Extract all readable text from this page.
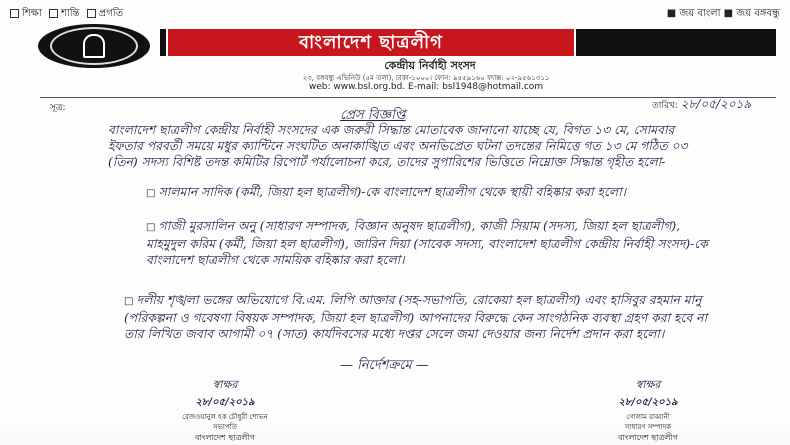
শিক্ষা শান্তি প্রগতি	■ জয় বাংলা ■ জয় বঙ্গবন্ধু
বাংলাদেশ ছাত্রলীগ
কেন্দ্রীয় নির্বাহী সংসদ
২৩, বঙ্গবন্ধু এভিনিউ (৫ম তলা), ঢাকা-১০০০। ফোন: ৯৫৫৯১৬০ ফ্যাক্স: ০২-৯৫৬১৩১১
web: www.bsl.org.bd. E-mail: bsl1948@hotmail.com
সূত্র:	তারিখ: ২৮/০৫/২০১৯
প্রেস বিজ্ঞপ্তি
বাংলাদেশ ছাত্রলীগ কেন্দ্রীয় নির্বাহী সংসদের এক জরুরী সিদ্ধান্ত মোতাবেক জানানো যাচ্ছে যে, বিগত ১৩ মে, সোমবার ইফতার পরবর্তী সময়ে মধুর ক্যান্টিনে সংঘটিত অনাকাঙ্খিত এবং অনভিপ্রেত ঘটনা তদন্তের নিমিত্তে গত ১৩ মে গঠিত ০৩ (তিন) সদস্য বিশিষ্ট তদন্ত কমিটির রিপোর্ট পর্যালোচনা করে, তাদের সুপারিশের ভিত্তিতে নিম্নোক্ত সিদ্ধান্ত গৃহীত হলো-
□ সালমান সাদিক (কর্মী, জিয়া হল ছাত্রলীগ)-কে বাংলাদেশ ছাত্রলীগ থেকে স্থায়ী বহিষ্কার করা হলো।
□ গাজী মুরসালিন অনু (সাধারণ সম্পাদক, বিজ্ঞান অনুষদ ছাত্রলীগ), কাজী সিয়াম (সদস্য, জিয়া হল ছাত্রলীগ), মাহমুদুল করিম (কর্মী, জিয়া হল ছাত্রলীগ), জারিন দিয়া (সাবেক সদস্য, বাংলাদেশ ছাত্রলীগ কেন্দ্রীয় নির্বাহী সংসদ)-কে বাংলাদেশ ছাত্রলীগ থেকে সাময়িক বহিষ্কার করা হলো।
□ দলীয় শৃঙ্খলা ভঙ্গের অভিযোগে বি.এম. লিপি আক্তার (সহ-সভাপতি, রোকেয়া হল ছাত্রলীগ) এবং হাসিবুর রহমান মানু (পরিকল্পনা ও গবেষণা বিষয়ক সম্পাদক, জিয়া হল ছাত্রলীগ) আপনাদের বিরুদ্ধে কেন সাংগঠনিক ব্যবস্থা গ্রহণ করা হবে না তার লিখিত জবাব আগামী ০৭ (সাত) কার্যদিবসের মধ্যে দপ্তর সেলে জমা দেওয়ার জন্য নির্দেশ প্রদান করা হলো।
— নির্দেশক্রমে —
স্বাক্ষর
২৮/০৫/২০১৯
রেজওয়ানুল হক চৌধুরী শোভন
সভাপতি
বাংলাদেশ ছাত্রলীগ
স্বাক্ষর
২৮/০৫/২০১৯
গোলাম রাব্বানী
সাধারণ সম্পাদক
বাংলাদেশ ছাত্রলীগ
